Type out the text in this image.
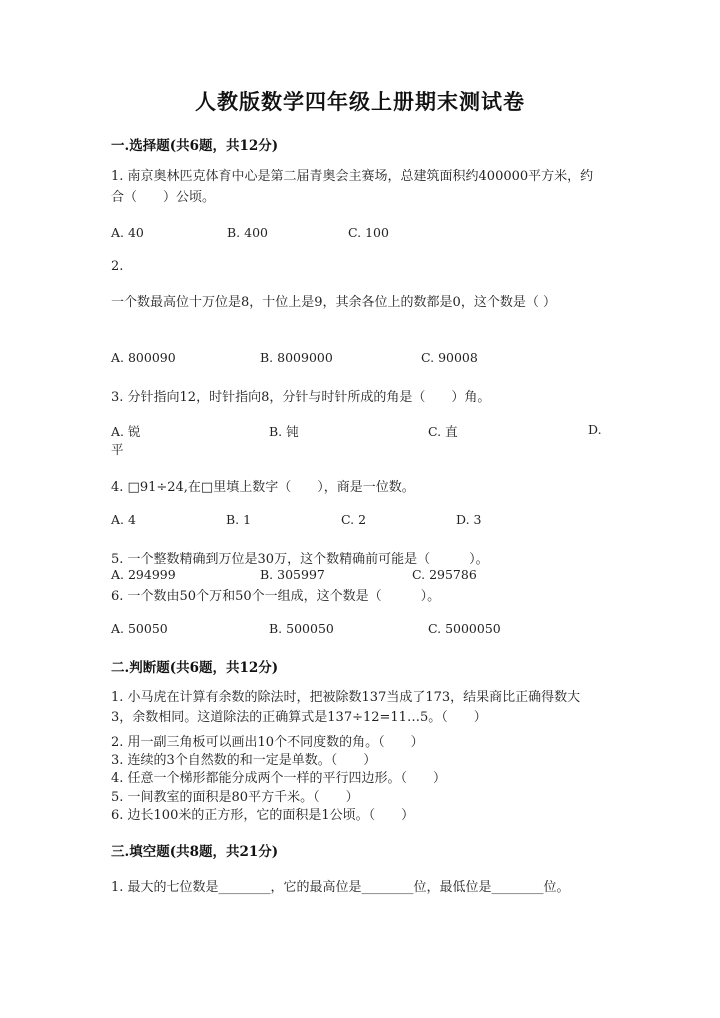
人教版数学四年级上册期末测试卷
一.选择题(共6题，共12分)
1. 南京奥林匹克体育中心是第二届青奥会主赛场，总建筑面积约400000平方米，约合（　　）公顷。
A. 40	B. 400	C. 100
2.
一个数最高位十万位是8，十位上是9，其余各位上的数都是0，这个数是（ ）
A. 800090	B. 8009000	C. 90008
3. 分针指向12，时针指向8，分针与时针所成的角是（　　）角。
A. 锐	B. 钝	C. 直	D.
平
4. □91÷24,在□里填上数字（　　），商是一位数。
A. 4	B. 1	C. 2	D. 3
5. 一个整数精确到万位是30万，这个数精确前可能是（　　　）。
A. 294999	B. 305997	C. 295786
6. 一个数由50个万和50个一组成，这个数是（　　　）。
A. 50050	B. 500050	C. 5000050
二.判断题(共6题，共12分)
1. 小马虎在计算有余数的除法时，把被除数137当成了173，结果商比正确得数大3，余数相同。这道除法的正确算式是137÷12=11…5。（　　）
2. 用一副三角板可以画出10个不同度数的角。（　　）
3. 连续的3个自然数的和一定是单数。（　　）
4. 任意一个梯形都能分成两个一样的平行四边形。（　　）
5. 一间教室的面积是80平方千米。（　　）
6. 边长100米的正方形，它的面积是1公顷。（　　）
三.填空题(共8题，共21分)
1. 最大的七位数是________，它的最高位是________位，最低位是________位。
